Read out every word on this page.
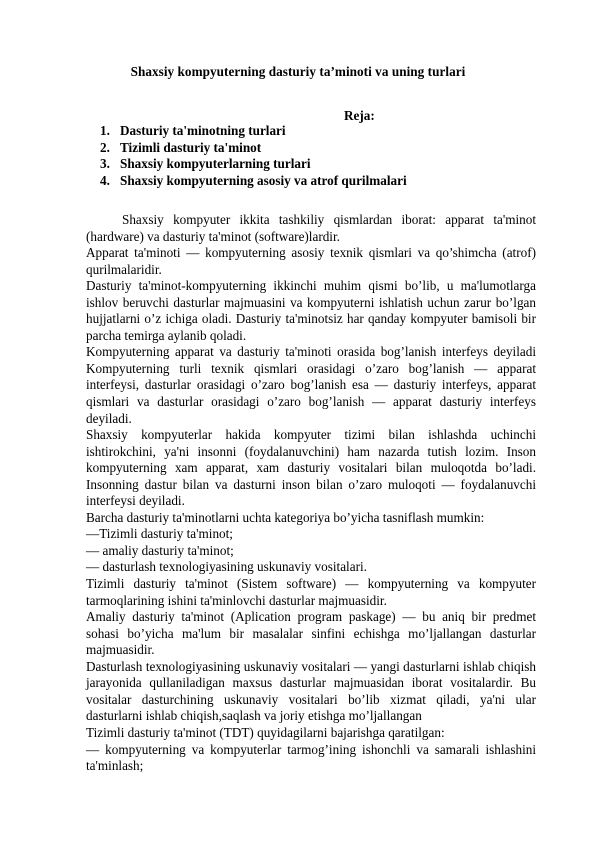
Shaxsiy kompyuterning dasturiy ta’minoti va uning turlari
Reja:
1. Dasturiy ta'minotning turlari
2. Tizimli dasturiy ta'minot
3. Shaxsiy kompyuterlarning turlari
4. Shaxsiy kompyuterning asosiy va atrof qurilmalari

Shaxsiy kompyuter ikkita tashkiliy qismlardan iborat: apparat ta'minot (hardware) va dasturiy ta'minot (software)lardir.

Apparat ta'minoti — kompyuterning asosiy texnik qismlari va qo’shimcha (atrof) qurilmalaridir.

Dasturiy ta'minot-kompyuterning ikkinchi muhim qismi bo’lib, u ma'lumotlarga ishlov beruvchi dasturlar majmuasini va kompyuterni ishlatish uchun zarur bo’lgan hujjatlarni o’z ichiga oladi. Dasturiy ta'minotsiz har qanday kompyuter bamisoli bir parcha temirga aylanib qoladi.

Kompyuterning apparat va dasturiy ta'minoti orasida bog’lanish interfeys deyiladi Kompyuterning turli texnik qismlari orasidagi o’zaro bog’lanish — apparat interfeysi, dasturlar orasidagi o’zaro bog’lanish esa — dasturiy interfeys, apparat qismlari va dasturlar orasidagi o’zaro bog’lanish — apparat dasturiy interfeys deyiladi.

Shaxsiy kompyuterlar hakida kompyuter tizimi bilan ishlashda uchinchi ishtirokchini, ya'ni insonni (foydalanuvchini) ham nazarda tutish lozim. Inson kompyuterning xam apparat, xam dasturiy vositalari bilan muloqotda bo’ladi. Insonning dastur bilan va dasturni inson bilan o’zaro muloqoti — foydalanuvchi interfeysi deyiladi.

Barcha dasturiy ta'minotlarni uchta kategoriya bo’yicha tasniflash mumkin:

—Tizimli dasturiy ta'minot;

— amaliy dasturiy ta'minot;

— dasturlash texnologiyasining uskunaviy vositalari.

Tizimli dasturiy ta'minot (Sistem software) — kompyuterning va kompyuter tarmoqlarining ishini ta'minlovchi dasturlar majmuasidir.

Amaliy dasturiy ta'minot (Aplication program paskage) — bu aniq bir predmet sohasi bo’yicha ma'lum bir masalalar sinfini echishga mo’ljallangan dasturlar majmuasidir.

Dasturlash texnologiyasining uskunaviy vositalari — yangi dasturlarni ishlab chiqish jarayonida qullaniladigan maxsus dasturlar majmuasidan iborat vositalardir. Bu vositalar dasturchining uskunaviy vositalari bo’lib xizmat qiladi, ya'ni ular dasturlarni ishlab chiqish,saqlash va joriy etishga mo’ljallangan

Tizimli dasturiy ta'minot (TDT) quyidagilarni bajarishga qaratilgan:

— kompyuterning va kompyuterlar tarmog’ining ishonchli va samarali ishlashini ta'minlash;
